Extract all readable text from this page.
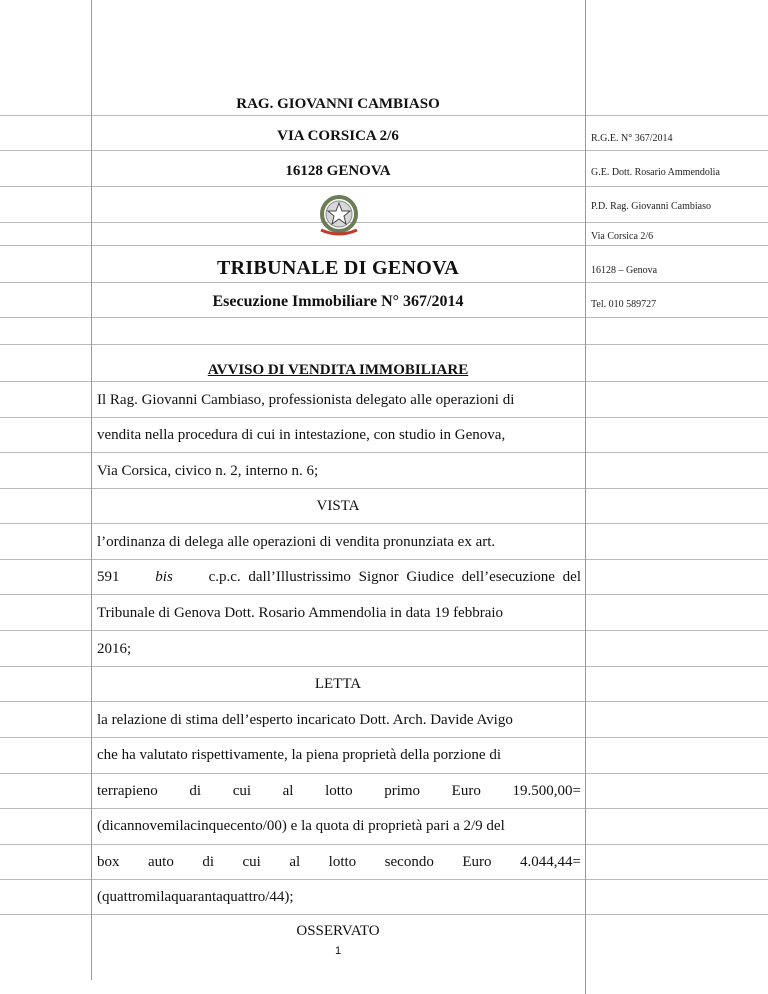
RAG. GIOVANNI CAMBIASO
VIA CORSICA 2/6
16128 GENOVA
TRIBUNALE DI GENOVA
Esecuzione Immobiliare N° 367/2014
R.G.E. N° 367/2014
G.E. Dott. Rosario Ammendolia
P.D. Rag. Giovanni Cambiaso
Via Corsica 2/6
16128 – Genova
Tel. 010 589727
AVVISO DI VENDITA IMMOBILIARE
Il Rag. Giovanni Cambiaso, professionista delegato alle operazioni di
vendita nella procedura di cui in intestazione, con studio in Genova,
Via Corsica, civico n. 2, interno n. 6;
VISTA
l’ordinanza di delega alle operazioni di vendita pronunziata ex art.
591 bis c.p.c. dall’Illustrissimo Signor Giudice dell’esecuzione del
Tribunale di Genova Dott. Rosario Ammendolia in data 19 febbraio
2016;
LETTA
la relazione di stima dell’esperto incaricato Dott. Arch. Davide Avigo
che ha valutato rispettivamente, la piena proprietà della porzione di
terrapieno di cui al lotto primo Euro 19.500,00=
(dicannovemilacinquecento/00) e la quota di proprietà pari a 2/9 del
box auto di cui al lotto secondo Euro 4.044,44=
(quattromilaquarantaquattro/44);
OSSERVATO
1
